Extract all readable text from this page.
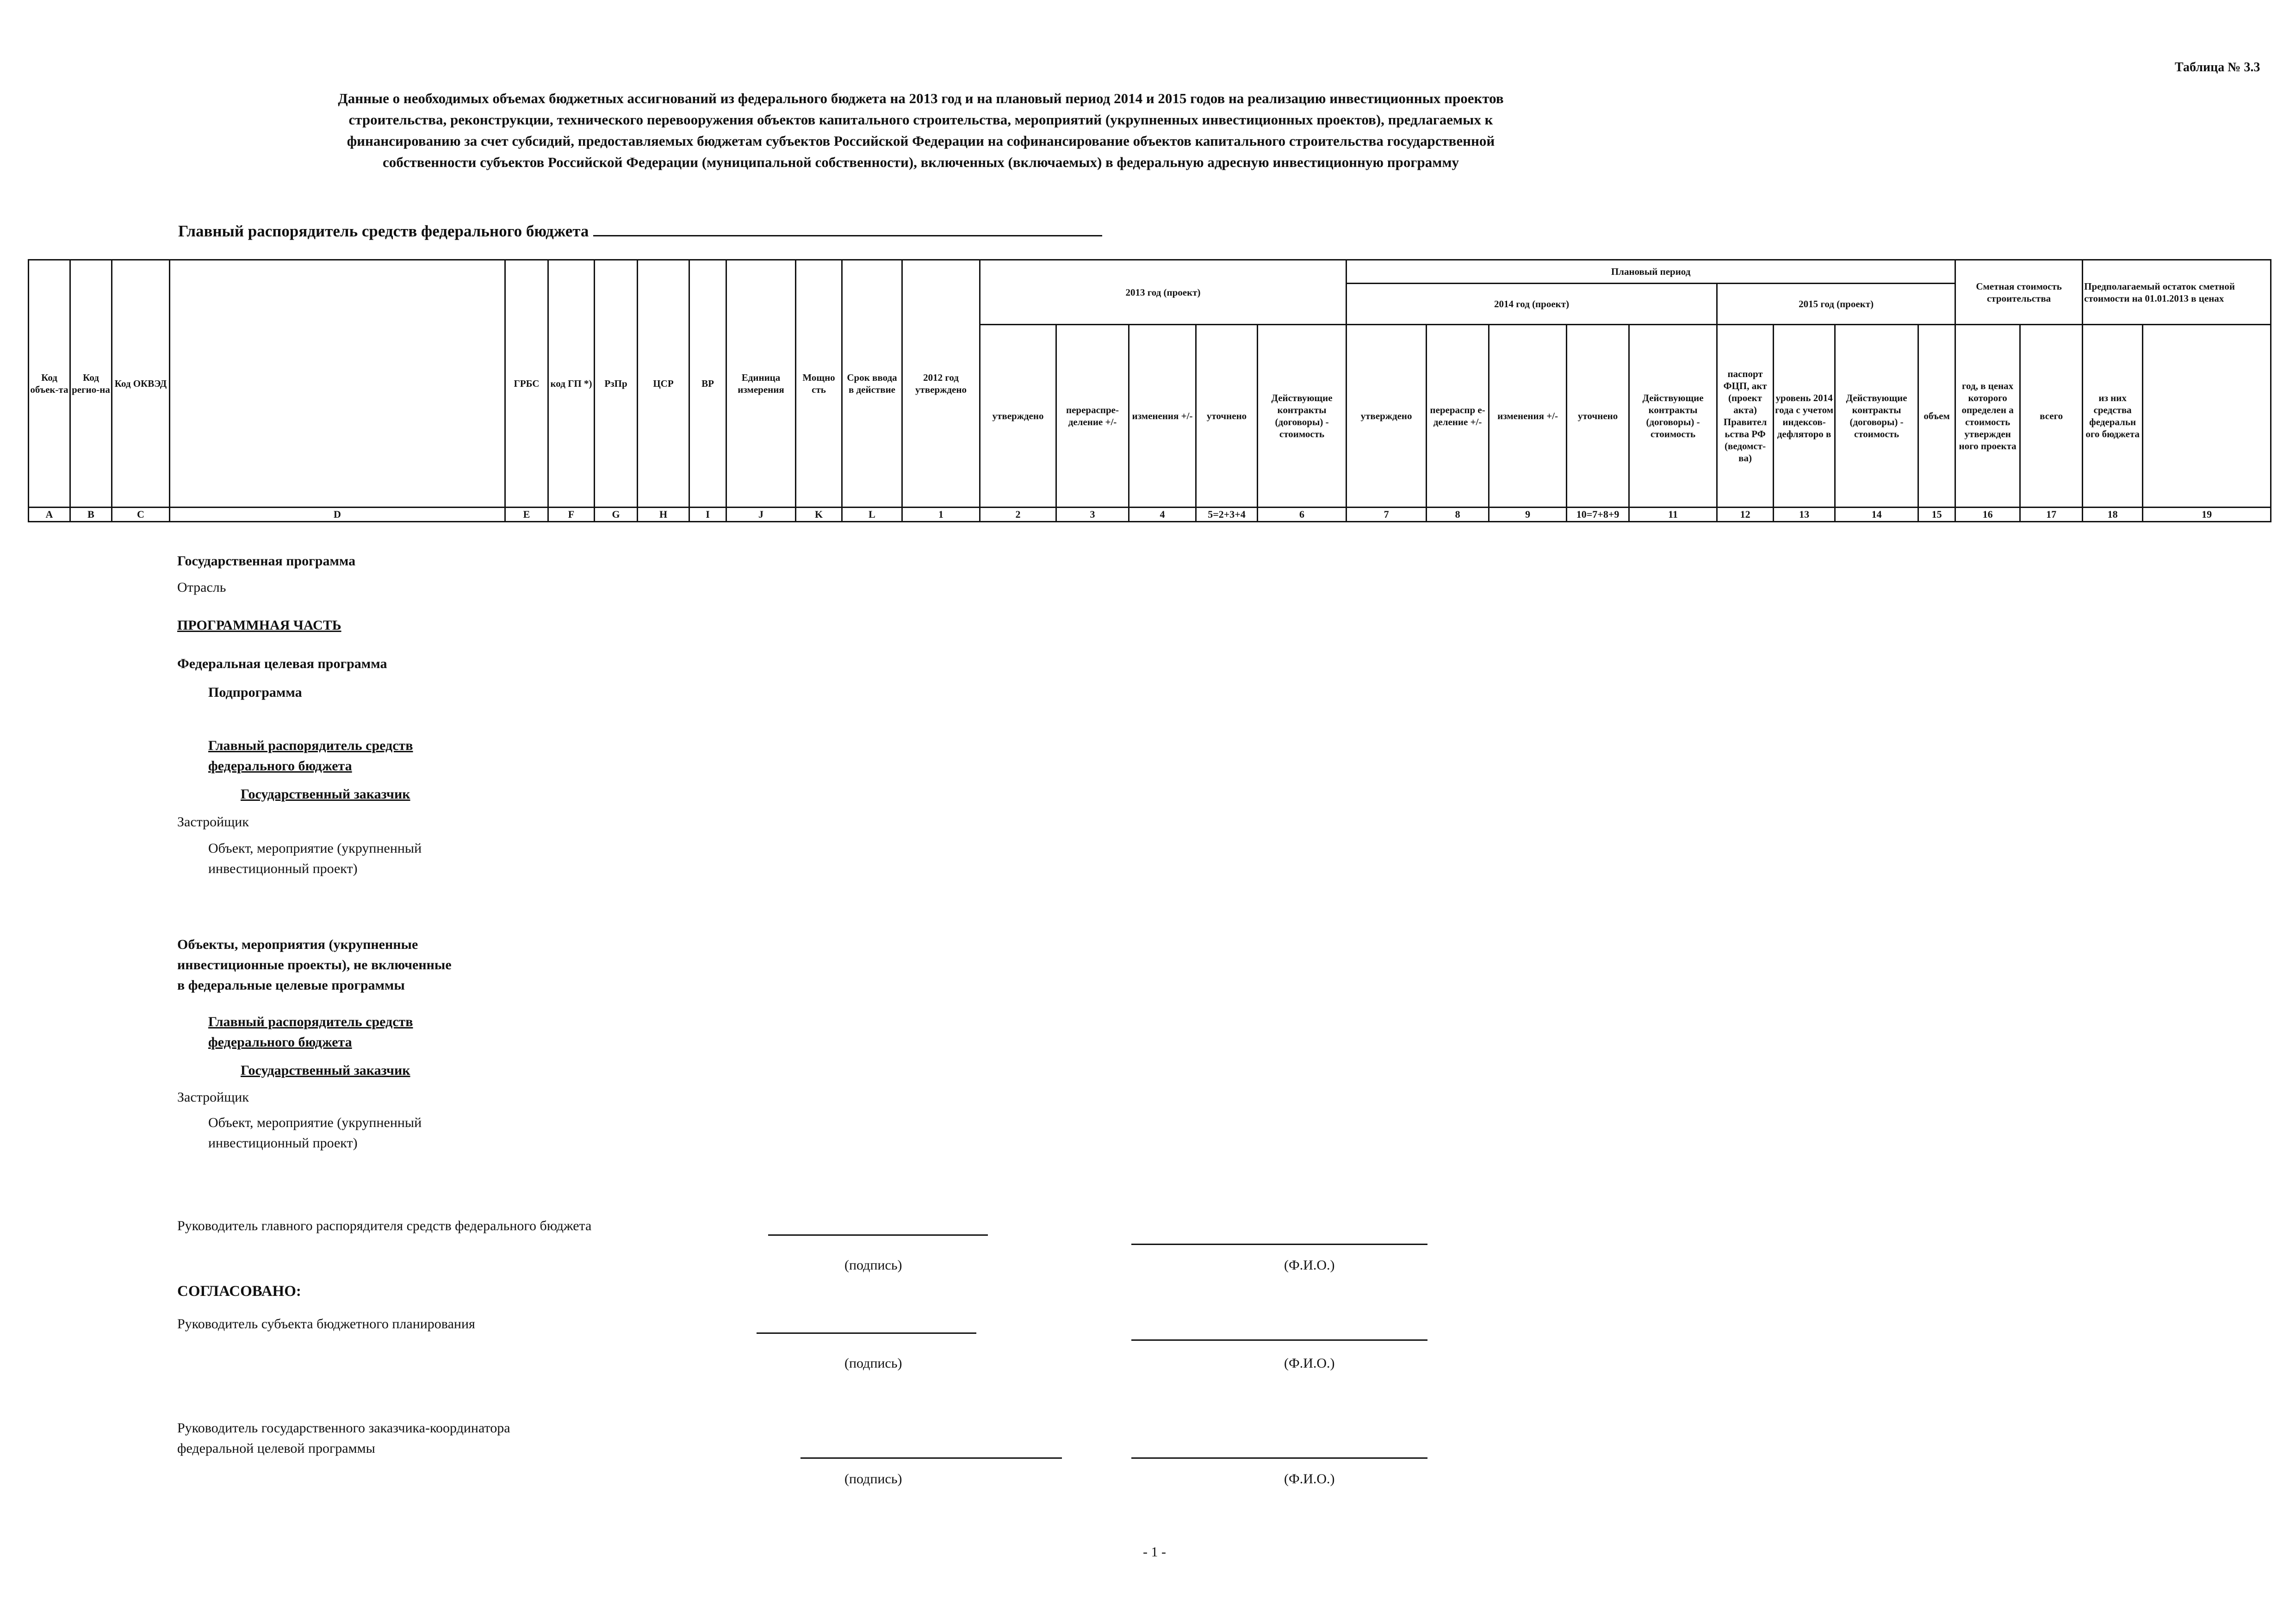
Таблица № 3.3
Данные о необходимых объемах бюджетных ассигнований из федерального бюджета на 2013 год и на плановый период 2014 и 2015 годов на реализацию инвестиционных проектов
строительства, реконструкции, технического перевооружения объектов капитального строительства, мероприятий (укрупненных инвестиционных проектов), предлагаемых к
финансированию за счет субсидий, предоставляемых бюджетам субъектов Российской Федерации на софинансирование объектов капитального строительства государственной
собственности субъектов Российской Федерации (муниципальной собственности), включенных (включаемых) в федеральную адресную инвестиционную программу
Главный распорядитель средств федерального бюджета
Код объек-та	Код регио-на	Код ОКВЭД		ГРБС	код ГП *)	РзПр	ЦСР	ВР	Единица измерения	Мощно сть	Срок ввода в действие	2012 год утверждено	2013 год (проект)					Плановый период									Сметная стоимость строительства		Предполагаемый остаток сметной стоимости на 01.01.2013 в ценах	
																		2014 год (проект)					2015 год (проект)								
													утверждено	перераспре-деление +/-	изменения +/-	уточнено	Действующие контракты (договоры) - стоимость	утверждено	перераспр е-деление +/-	изменения +/-	уточнено	Действующие контракты (договоры) - стоимость	паспорт ФЦП, акт (проект акта) Правител ьства РФ (ведомст-ва)	уровень 2014 года с учетом индексов-дефляторо в	Действующие контракты (договоры) - стоимость	объем	год, в ценах которого определен а стоимость утвержден ного проекта	всего	из них средства федеральн ого бюджета		
A	B	C	D	E	F	G	H	I	J	K	L	1	2	3	4	5=2+3+4	6	7	8	9	10=7+8+9	11	12	13	14	15	16	17	18	19	
Государственная программа
Отрасль
ПРОГРАММНАЯ ЧАСТЬ
Федеральная целевая программа
Подпрограмма
Главный распорядитель средств
федерального бюджета
Государственный заказчик
Застройщик
Объект, мероприятие (укрупненный
инвестиционный проект)
Объекты, мероприятия (укрупненные
инвестиционные проекты), не включенные
в федеральные целевые программы
Главный распорядитель средств
федерального бюджета
Государственный заказчик
Застройщик
Объект, мероприятие (укрупненный
инвестиционный проект)
Руководитель главного распорядителя средств федерального бюджета
(подпись)	(Ф.И.О.)
СОГЛАСОВАНО:
Руководитель субъекта бюджетного планирования
(подпись)	(Ф.И.О.)
Руководитель государственного заказчика-координатора
федеральной целевой программы
(подпись)	(Ф.И.О.)
- 1 -
